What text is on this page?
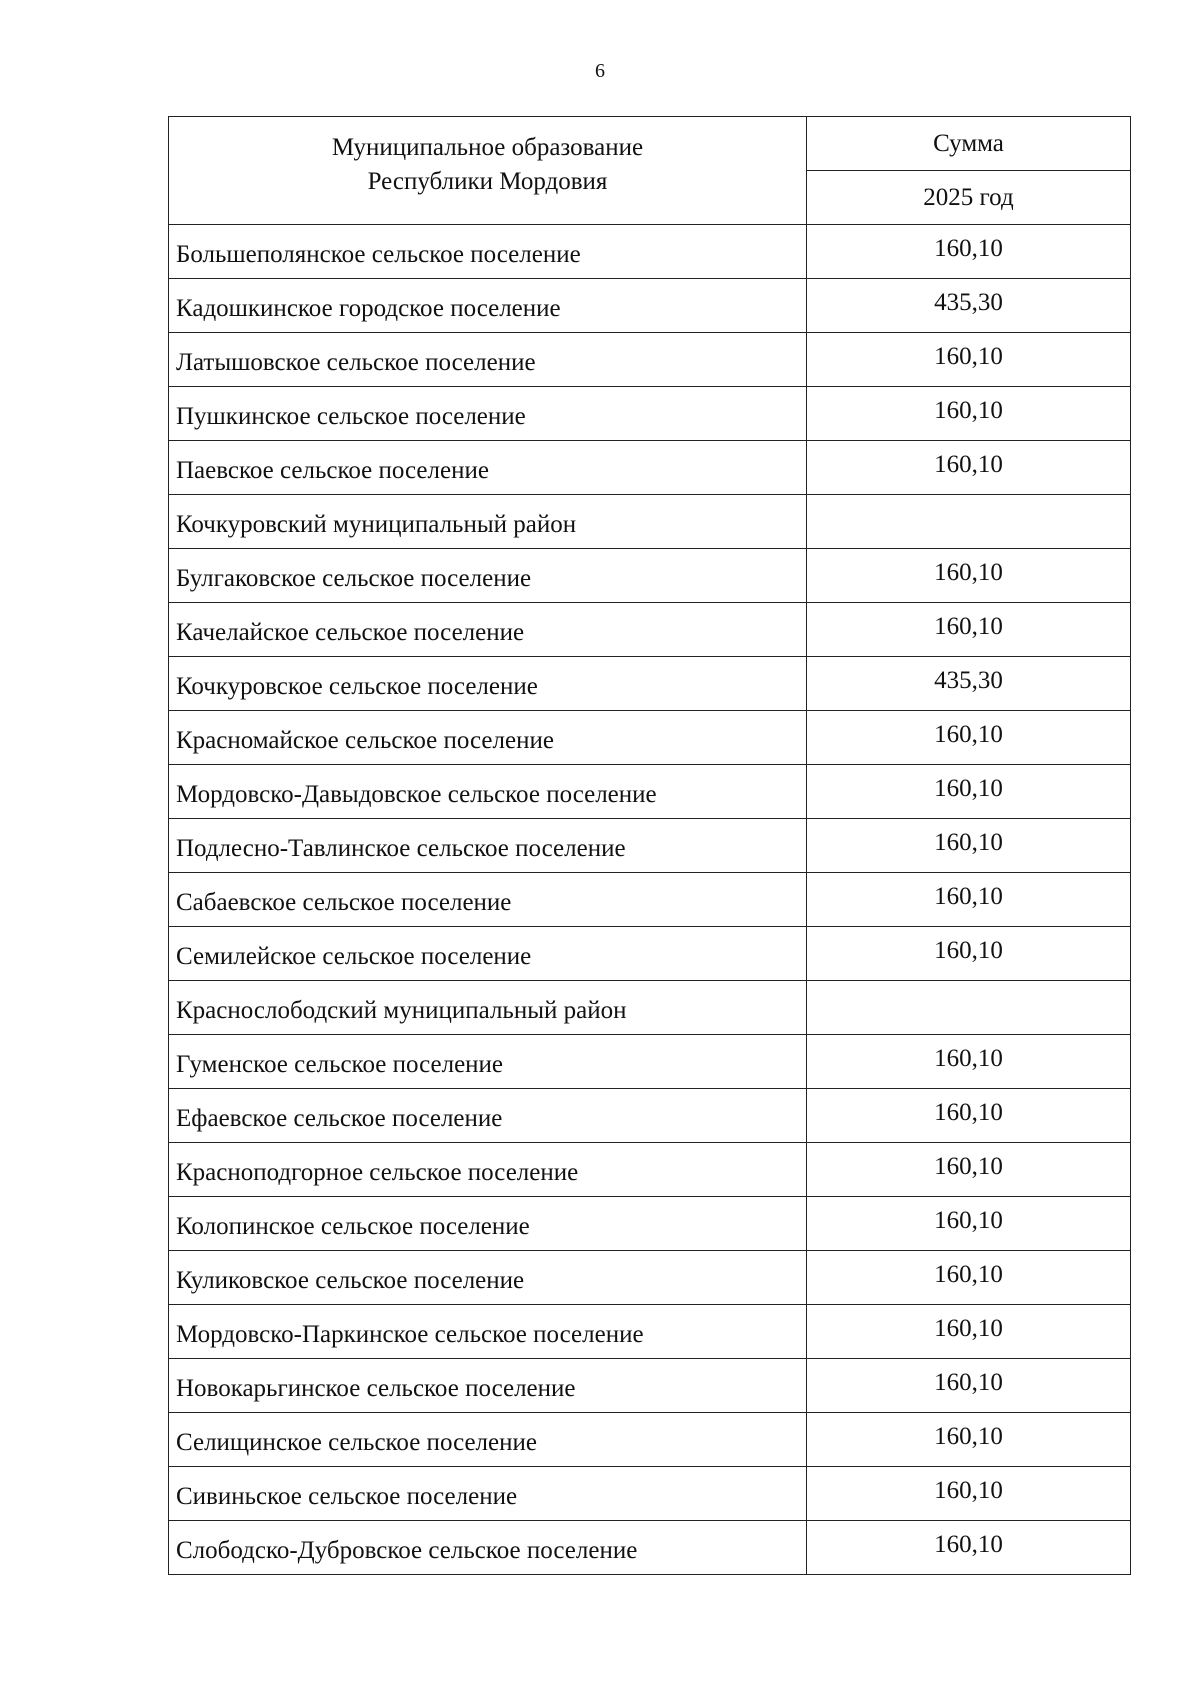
6
Муниципальное образование
Республики Мордовия	Сумма
	2025 год
Большеполянское сельское поселение	160,10
Кадошкинское городское поселение	435,30
Латышовское сельское поселение	160,10
Пушкинское сельское поселение	160,10
Паевское сельское поселение	160,10
Кочкуровский муниципальный район	
Булгаковское сельское поселение	160,10
Качелайское сельское поселение	160,10
Кочкуровское сельское поселение	435,30
Красномайское сельское поселение	160,10
Мордовско-Давыдовское сельское поселение	160,10
Подлесно-Тавлинское сельское поселение	160,10
Сабаевское сельское поселение	160,10
Семилейское сельское поселение	160,10
Краснослободский муниципальный район	
Гуменское сельское поселение	160,10
Ефаевское сельское поселение	160,10
Красноподгорное сельское поселение	160,10
Колопинское сельское поселение	160,10
Куликовское сельское поселение	160,10
Мордовско-Паркинское сельское поселение	160,10
Новокарьгинское сельское поселение	160,10
Селищинское сельское поселение	160,10
Сивиньское сельское поселение	160,10
Слободско-Дубровское сельское поселение	160,10
